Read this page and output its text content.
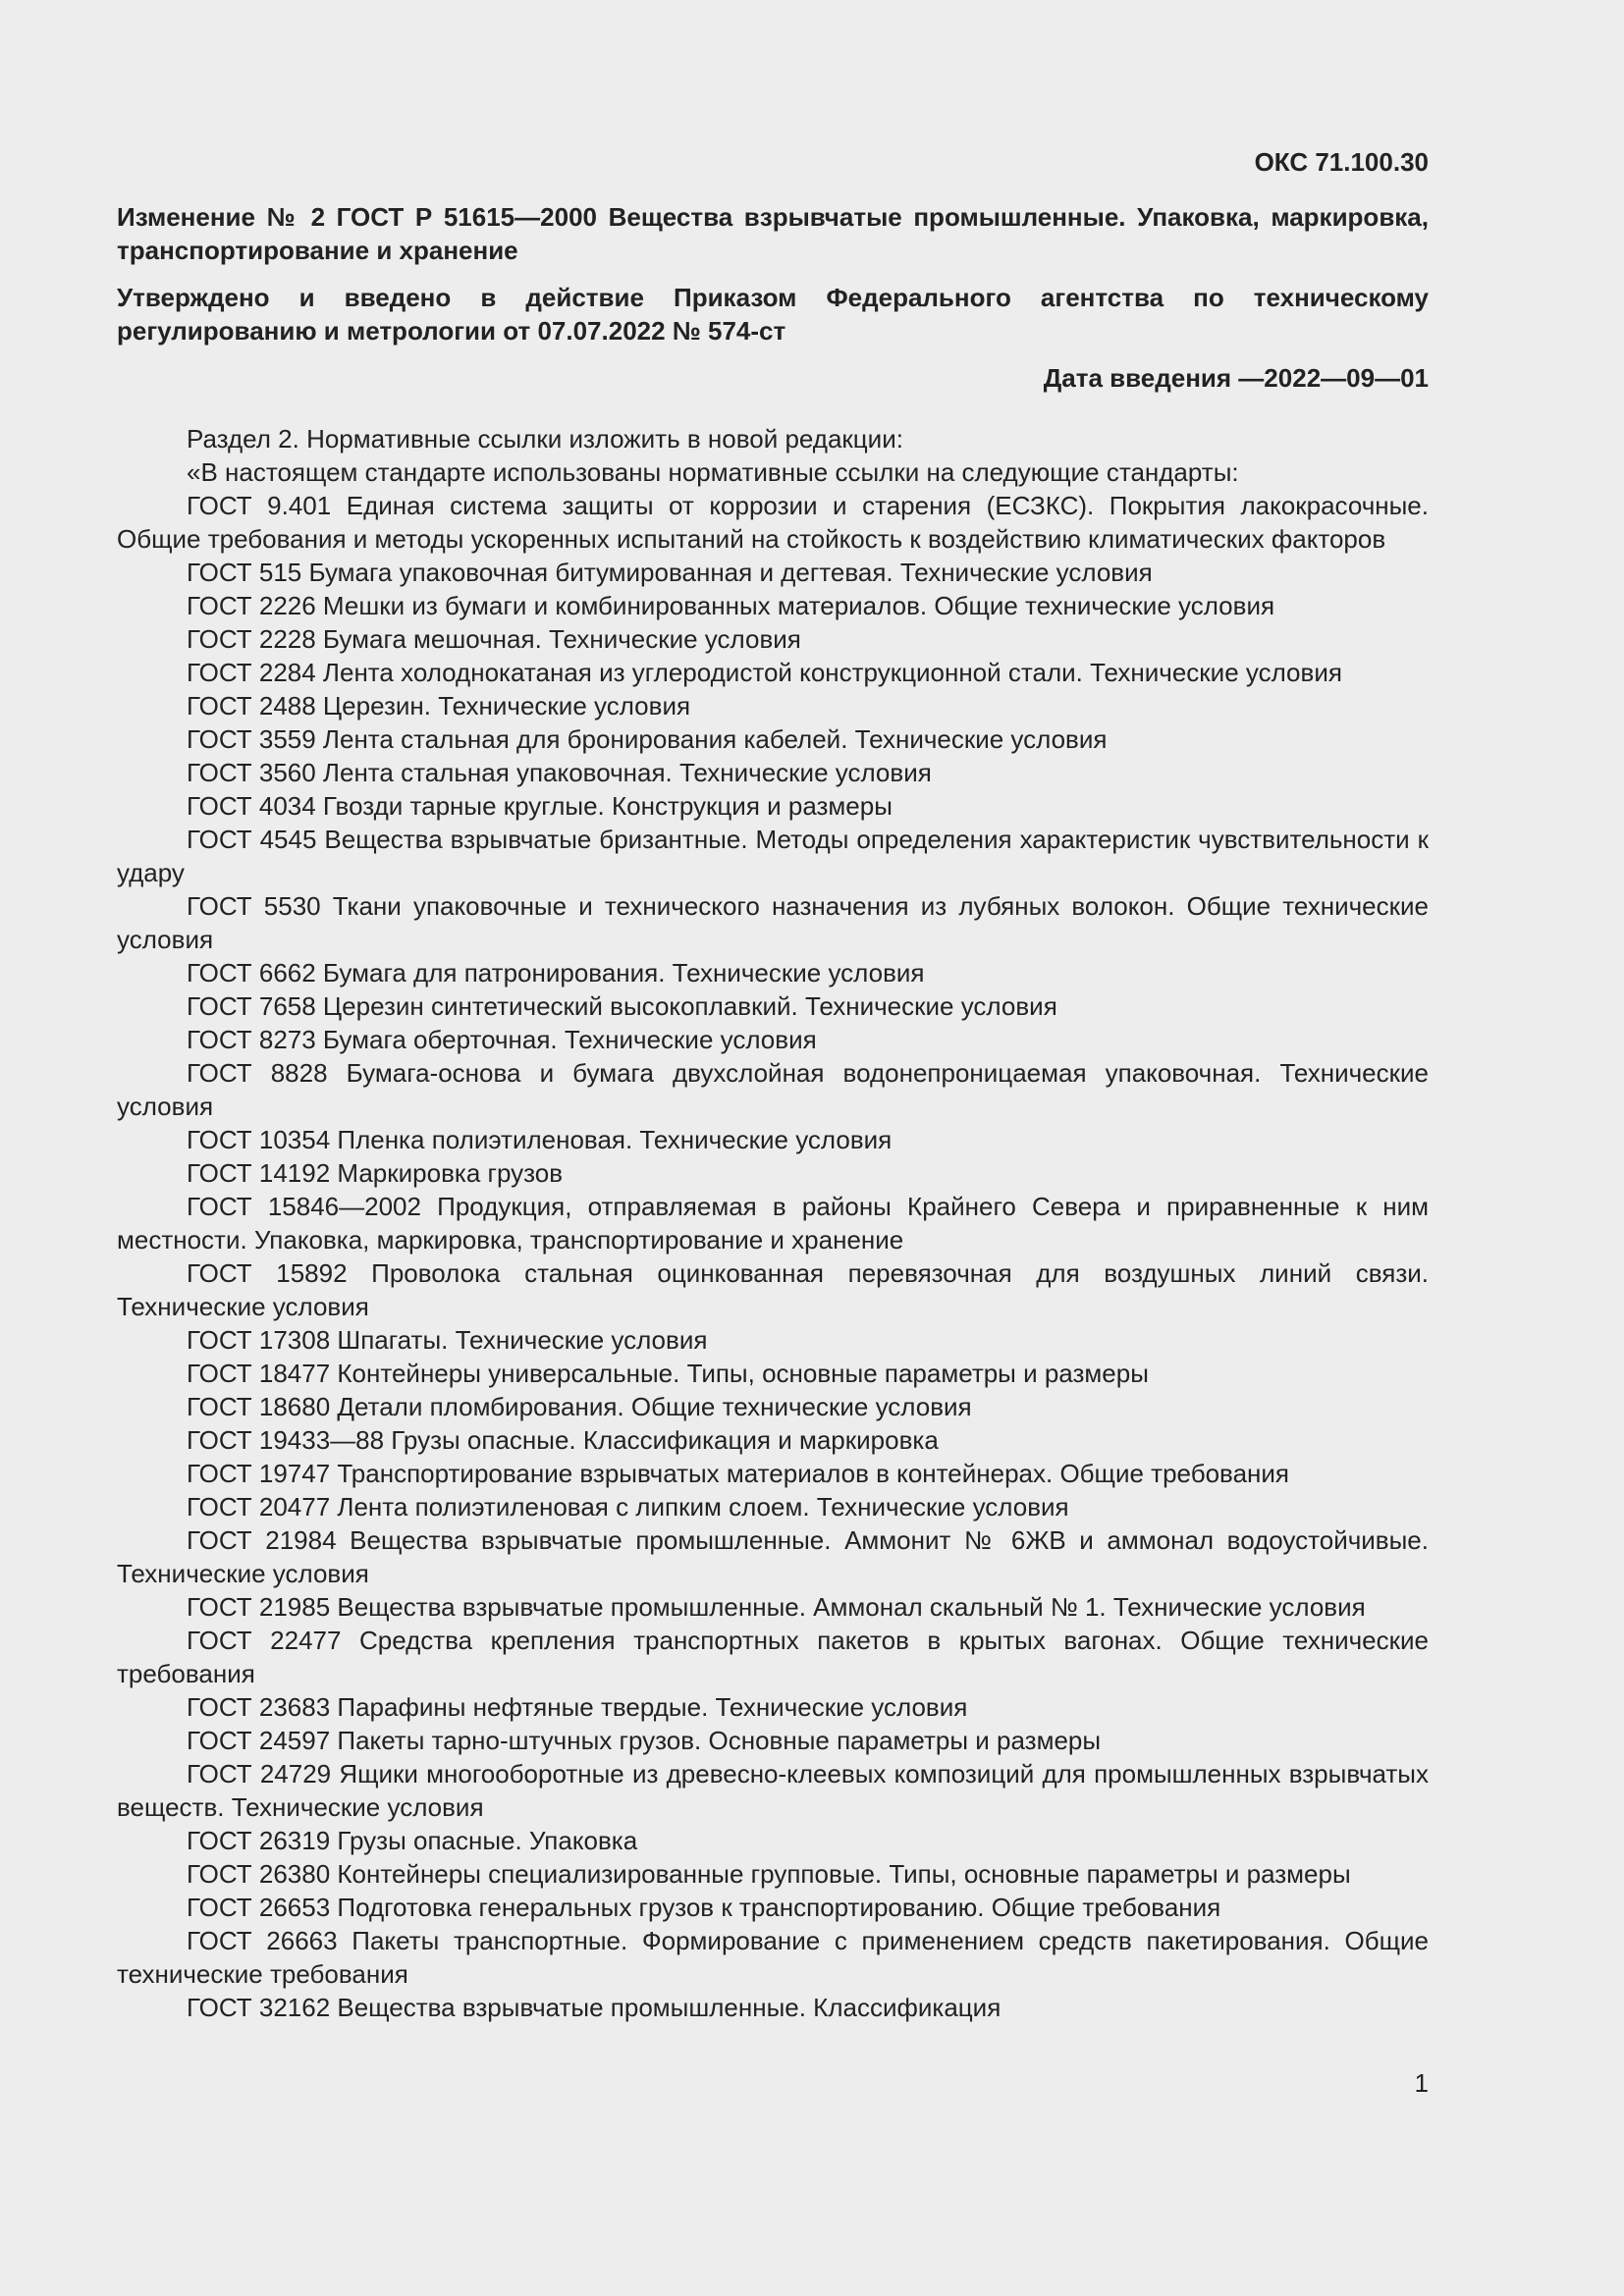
ОКС 71.100.30
Изменение № 2 ГОСТ Р 51615—2000 Вещества взрывчатые промышленные. Упаковка, маркировка, транспортирование и хранение
Утверждено и введено в действие Приказом Федерального агентства по техническому регулированию и метрологии от 07.07.2022 № 574-ст
Дата введения —2022—09—01

Раздел 2. Нормативные ссылки изложить в новой редакции:

«В настоящем стандарте использованы нормативные ссылки на следующие стандарты:

ГОСТ 9.401 Единая система защиты от коррозии и старения (ЕСЗКС). Покрытия лакокрасочные. Общие требования и методы ускоренных испытаний на стойкость к воздействию климатических факторов

ГОСТ 515 Бумага упаковочная битумированная и дегтевая. Технические условия

ГОСТ 2226 Мешки из бумаги и комбинированных материалов. Общие технические условия

ГОСТ 2228 Бумага мешочная. Технические условия

ГОСТ 2284 Лента холоднокатаная из углеродистой конструкционной стали. Технические условия

ГОСТ 2488 Церезин. Технические условия

ГОСТ 3559 Лента стальная для бронирования кабелей. Технические условия

ГОСТ 3560 Лента стальная упаковочная. Технические условия

ГОСТ 4034 Гвозди тарные круглые. Конструкция и размеры

ГОСТ 4545 Вещества взрывчатые бризантные. Методы определения характеристик чувствительности к удару

ГОСТ 5530 Ткани упаковочные и технического назначения из лубяных волокон. Общие технические условия

ГОСТ 6662 Бумага для патронирования. Технические условия

ГОСТ 7658 Церезин синтетический высокоплавкий. Технические условия

ГОСТ 8273 Бумага оберточная. Технические условия

ГОСТ 8828 Бумага-основа и бумага двухслойная водонепроницаемая упаковочная. Технические условия

ГОСТ 10354 Пленка полиэтиленовая. Технические условия

ГОСТ 14192 Маркировка грузов

ГОСТ 15846—2002 Продукция, отправляемая в районы Крайнего Севера и приравненные к ним местности. Упаковка, маркировка, транспортирование и хранение

ГОСТ 15892 Проволока стальная оцинкованная перевязочная для воздушных линий связи. Технические условия

ГОСТ 17308 Шпагаты. Технические условия

ГОСТ 18477 Контейнеры универсальные. Типы, основные параметры и размеры

ГОСТ 18680 Детали пломбирования. Общие технические условия

ГОСТ 19433—88 Грузы опасные. Классификация и маркировка

ГОСТ 19747 Транспортирование взрывчатых материалов в контейнерах. Общие требования

ГОСТ 20477 Лента полиэтиленовая с липким слоем. Технические условия

ГОСТ 21984 Вещества взрывчатые промышленные. Аммонит № 6ЖВ и аммонал водоустойчивые. Технические условия

ГОСТ 21985 Вещества взрывчатые промышленные. Аммонал скальный № 1. Технические условия

ГОСТ 22477 Средства крепления транспортных пакетов в крытых вагонах. Общие технические требования

ГОСТ 23683 Парафины нефтяные твердые. Технические условия

ГОСТ 24597 Пакеты тарно-штучных грузов. Основные параметры и размеры

ГОСТ 24729 Ящики многооборотные из древесно-клеевых композиций для промышленных взрывчатых веществ. Технические условия

ГОСТ 26319 Грузы опасные. Упаковка

ГОСТ 26380 Контейнеры специализированные групповые. Типы, основные параметры и размеры

ГОСТ 26653 Подготовка генеральных грузов к транспортированию. Общие требования

ГОСТ 26663 Пакеты транспортные. Формирование с применением средств пакетирования. Общие технические требования

ГОСТ 32162 Вещества взрывчатые промышленные. Классификация

1
